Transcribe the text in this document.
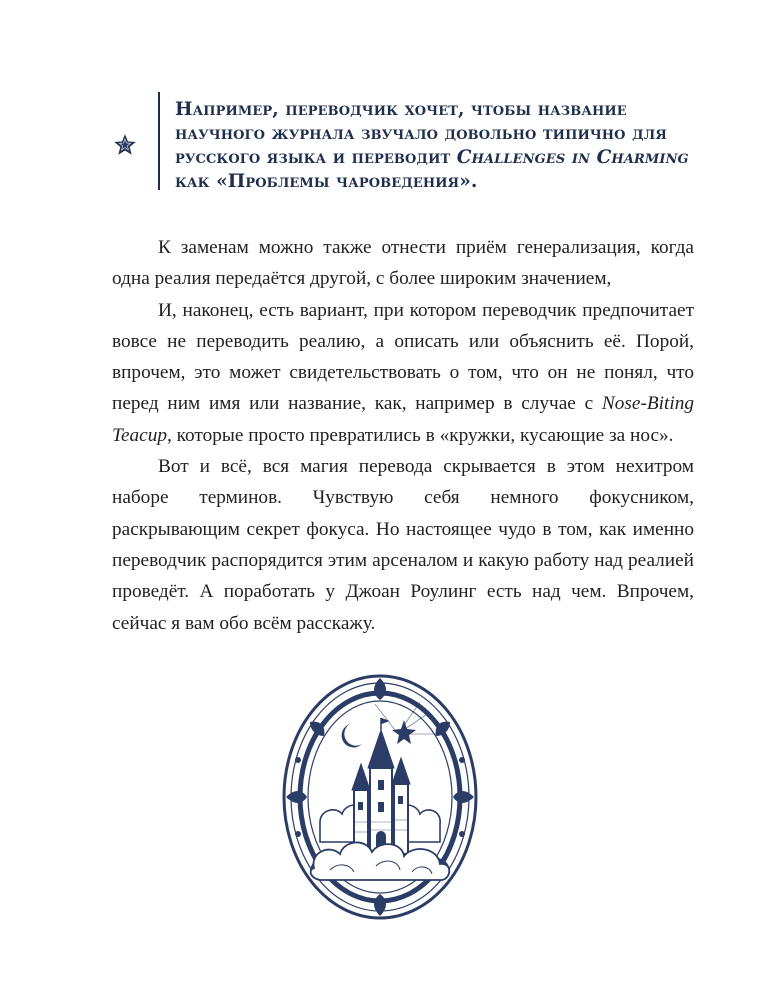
Например, переводчик хочет, чтобы название научного журнала звучало довольно типично для русского языка и переводит Challenges in Charming как «Проблемы чароведения».

К заменам можно также отнести приём генерализация, когда одна реалия передаётся другой, с более широким значением,

И, наконец, есть вариант, при котором переводчик предпочитает вовсе не переводить реалию, а описать или объяснить её. Порой, впрочем, это может свидетельствовать о том, что он не понял, что перед ним имя или название, как, например в случае с Nose-Biting Teacup, которые просто превратились в «кружки, кусающие за нос».

Вот и всё, вся магия перевода скрывается в этом нехитром наборе терминов. Чувствую себя немного фокусником, раскрывающим секрет фокуса. Но настоящее чудо в том, как именно переводчик распорядится этим арсеналом и какую работу над реалией проведёт. А поработать у Джоан Роулинг есть над чем. Впрочем, сейчас я вам обо всём расскажу.
